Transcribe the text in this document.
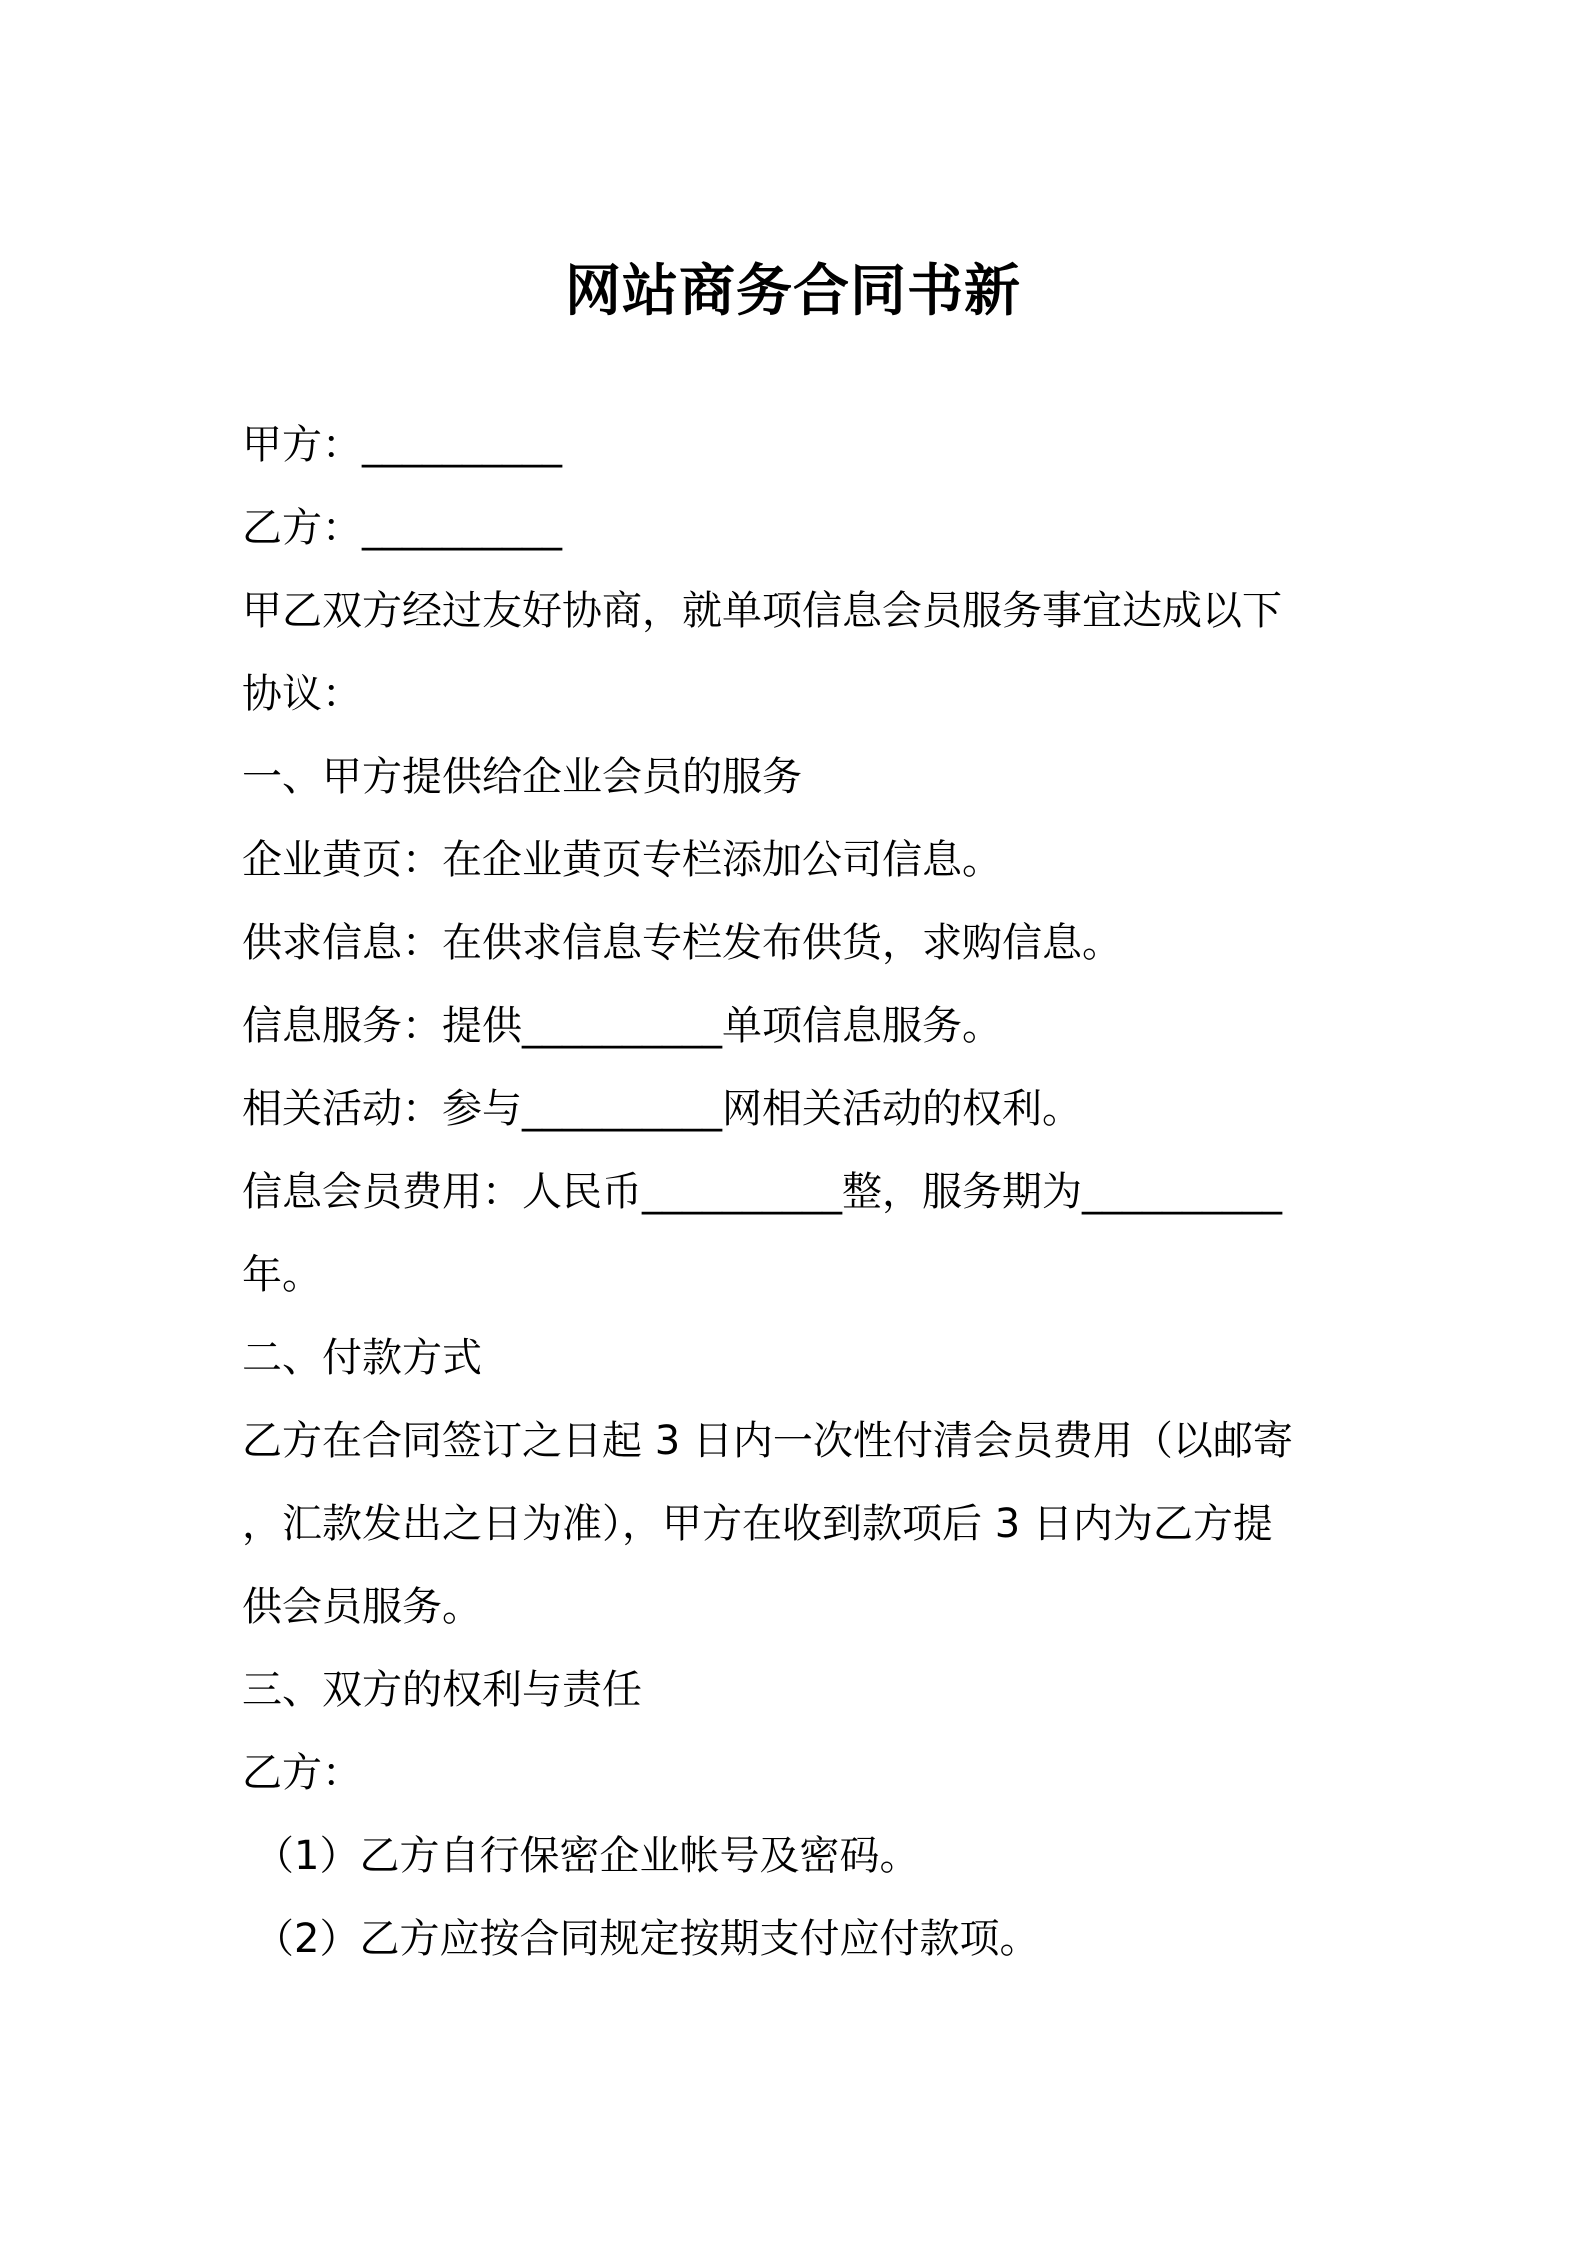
网站商务合同书新
甲方：__________
乙方：__________
甲乙双方经过友好协商，就单项信息会员服务事宜达成以下
协议：
一、甲方提供给企业会员的服务
企业黄页：在企业黄页专栏添加公司信息。
供求信息：在供求信息专栏发布供货，求购信息。
信息服务：提供__________单项信息服务。
相关活动：参与__________网相关活动的权利。
信息会员费用：人民币__________整，服务期为__________
年。
二、付款方式
乙方在合同签订之日起 3 日内一次性付清会员费用（以邮寄
，汇款发出之日为准），甲方在收到款项后 3 日内为乙方提
供会员服务。
三、双方的权利与责任
乙方：
（1）乙方自行保密企业帐号及密码。
（2）乙方应按合同规定按期支付应付款项。
